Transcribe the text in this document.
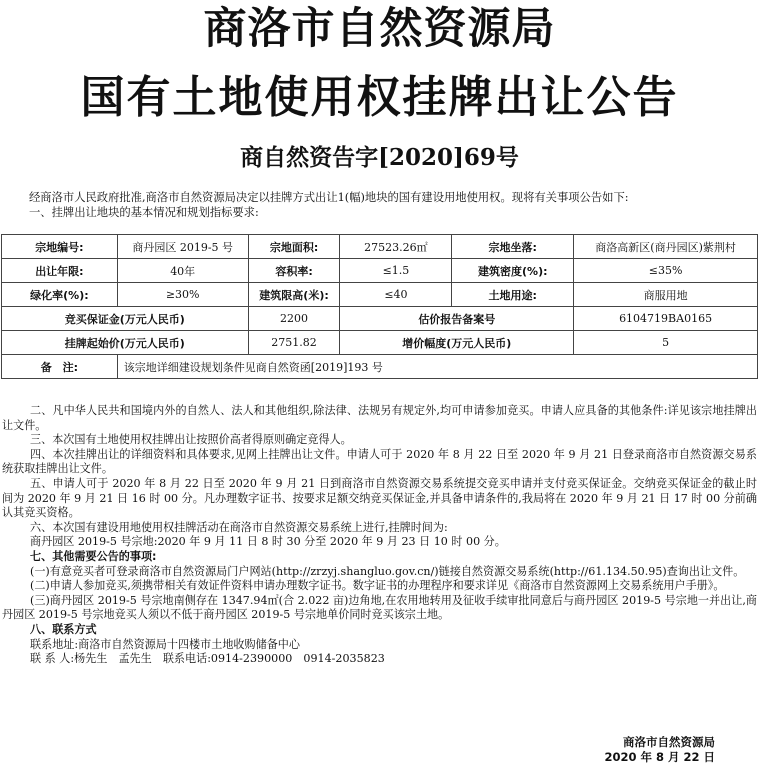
商洛市自然资源局
国有土地使用权挂牌出让公告
商自然资告字[2020]69号
经商洛市人民政府批准,商洛市自然资源局决定以挂牌方式出让1(幅)地块的国有建设用地使用权。现将有关事项公告如下:
一、挂牌出让地块的基本情况和规划指标要求:
宗地编号:	商丹园区 2019-5 号	宗地面积:	27523.26㎡	宗地坐落:	商洛高新区(商丹园区)紫荆村
出让年限:	40年	容积率:	≤1.5	建筑密度(%):	≤35%
绿化率(%):	≥30%	建筑限高(米):	≤40	土地用途:	商服用地
竞买保证金(万元人民币)		2200	估价报告备案号		6104719BA0165
挂牌起始价(万元人民币)		2751.82	增价幅度(万元人民币)		5
备　注:	该宗地详细建设规划条件见商自然资函[2019]193 号				

二、凡中华人民共和国境内外的自然人、法人和其他组织,除法律、法规另有规定外,均可申请参加竞买。申请人应具备的其他条件:详见该宗地挂牌出让文件。

三、本次国有土地使用权挂牌出让按照价高者得原则确定竞得人。

四、本次挂牌出让的详细资料和具体要求,见网上挂牌出让文件。申请人可于 2020 年 8 月 22 日至 2020 年 9 月 21 日登录商洛市自然资源交易系统获取挂牌出让文件。

五、申请人可于 2020 年 8 月 22 日至 2020 年 9 月 21 日到商洛市自然资源交易系统提交竞买申请并支付竞买保证金。交纳竞买保证金的截止时间为 2020 年 9 月 21 日 16 时 00 分。凡办理数字证书、按要求足额交纳竞买保证金,并具备申请条件的,我局将在 2020 年 9 月 21 日 17 时 00 分前确认其竞买资格。

六、本次国有建设用地使用权挂牌活动在商洛市自然资源交易系统上进行,挂牌时间为:

商丹园区 2019-5 号宗地:2020 年 9 月 11 日 8 时 30 分至 2020 年 9 月 23 日 10 时 00 分。

七、其他需要公告的事项:

(一)有意竞买者可登录商洛市自然资源局门户网站(http://zrzyj.shangluo.gov.cn/)链接自然资源交易系统(http://61.134.50.95)查询出让文件。

(二)申请人参加竞买,须携带相关有效证件资料申请办理数字证书。数字证书的办理程序和要求详见《商洛市自然资源网上交易系统用户手册》。

(三)商丹园区 2019-5 号宗地南侧存在 1347.94㎡(合 2.022 亩)边角地,在农用地转用及征收手续审批同意后与商丹园区 2019-5 号宗地一并出让,商丹园区 2019-5 号宗地竞买人须以不低于商丹园区 2019-5 号宗地单价同时竞买该宗土地。

八、联系方式

联系地址:商洛市自然资源局十四楼市土地收购储备中心

联 系 人:杨先生　孟先生　联系电话:0914-2390000　0914-2035823

商洛市自然资源局
2020 年 8 月 22 日
